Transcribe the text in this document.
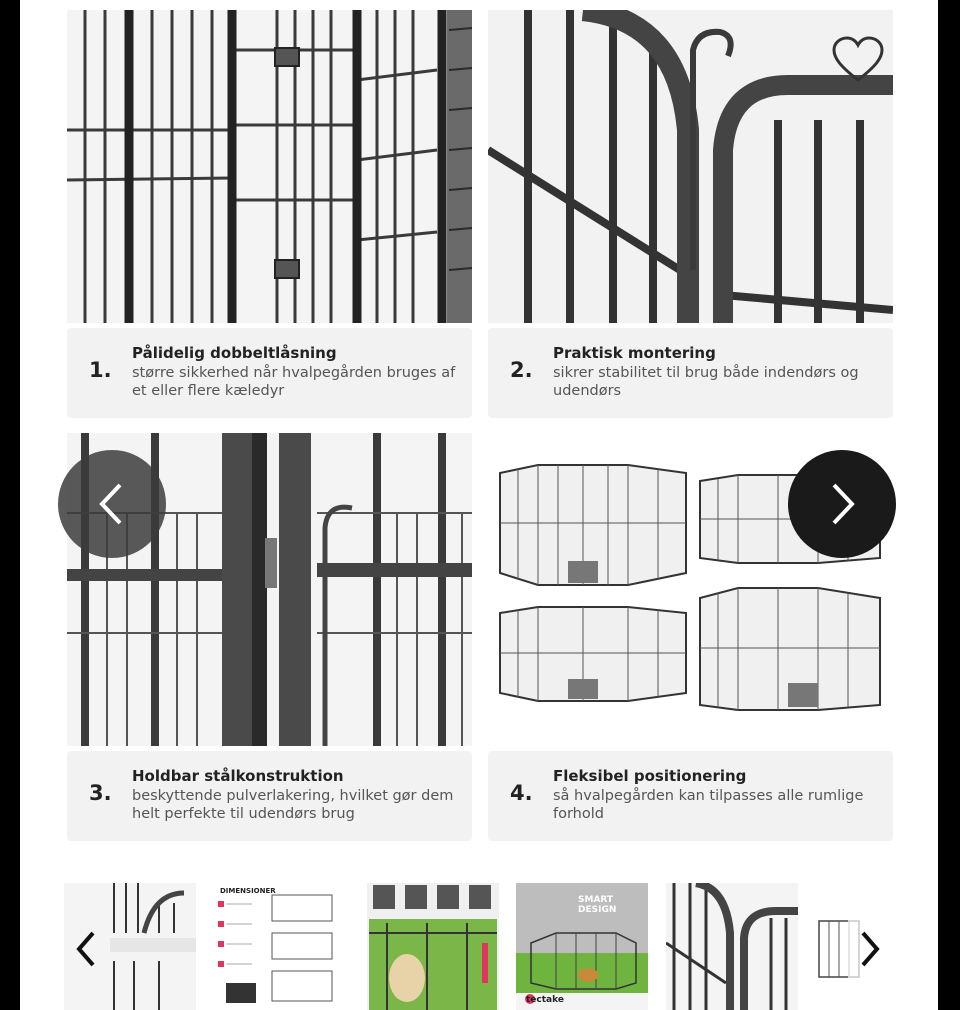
1.
Pålidelig dobbeltlåsning
større sikkerhed når hvalpegården bruges af et eller flere kæledyr
2.
Praktisk montering
sikrer stabilitet til brug både indendørs og udendørs
3.
Holdbar stålkonstruktion
beskyttende pulverlakering, hvilket gør dem helt perfekte til udendørs brug
4.
Fleksibel positionering
så hvalpegården kan tilpasses alle rumlige forhold
DIMENSIONER
SMART DESIGN
tectake
